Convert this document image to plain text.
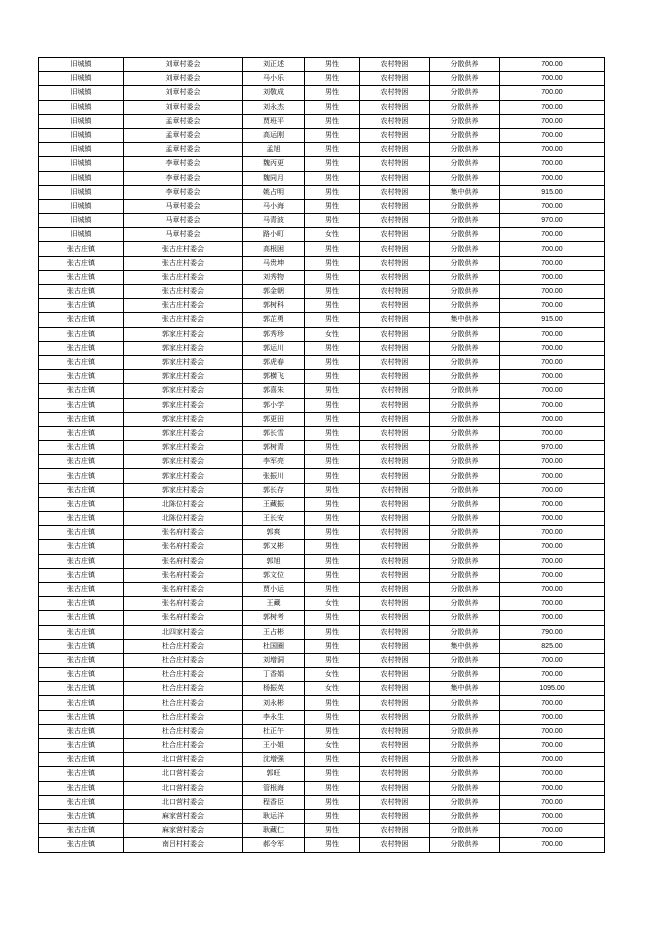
旧城镇	刘章村委会	刘正述	男性	农村特困	分散供养	700.00
旧城镇	刘章村委会	马小乐	男性	农村特困	分散供养	700.00
旧城镇	刘章村委会	刘敬成	男性	农村特困	分散供养	700.00
旧城镇	刘章村委会	刘永杰	男性	农村特困	分散供养	700.00
旧城镇	孟章村委会	贾班平	男性	农村特困	分散供养	700.00
旧城镇	孟章村委会	高运刚	男性	农村特困	分散供养	700.00
旧城镇	孟章村委会	孟旭	男性	农村特困	分散供养	700.00
旧城镇	李章村委会	魏丙更	男性	农村特困	分散供养	700.00
旧城镇	李章村委会	魏同月	男性	农村特困	分散供养	700.00
旧城镇	李章村委会	姚占明	男性	农村特困	集中供养	915.00
旧城镇	马章村委会	马小海	男性	农村特困	分散供养	700.00
旧城镇	马章村委会	马青波	男性	农村特困	分散供养	970.00
旧城镇	马章村委会	路小町	女性	农村特困	分散供养	700.00
张古庄镇	张古庄村委会	高根困	男性	农村特困	分散供养	700.00
张古庄镇	张古庄村委会	马贵坤	男性	农村特困	分散供养	700.00
张古庄镇	张古庄村委会	刘秀物	男性	农村特困	分散供养	700.00
张古庄镇	张古庄村委会	郭金朝	男性	农村特困	分散供养	700.00
张古庄镇	张古庄村委会	郭树科	男性	农村特困	分散供养	700.00
张古庄镇	张古庄村委会	郭芷勇	男性	农村特困	集中供养	915.00
张古庄镇	郭家庄村委会	郭秀珍	女性	农村特困	分散供养	700.00
张古庄镇	郭家庄村委会	郭运川	男性	农村特困	分散供养	700.00
张古庄镇	郭家庄村委会	郭虎春	男性	农村特困	分散供养	700.00
张古庄镇	郭家庄村委会	郭横飞	男性	农村特困	分散供养	700.00
张古庄镇	郭家庄村委会	郭喜朱	男性	农村特困	分散供养	700.00
张古庄镇	郭家庄村委会	郭小学	男性	农村特困	分散供养	700.00
张古庄镇	郭家庄村委会	郭更田	男性	农村特困	分散供养	700.00
张古庄镇	郭家庄村委会	郭长雪	男性	农村特困	分散供养	700.00
张古庄镇	郭家庄村委会	郭树青	男性	农村特困	分散供养	970.00
张古庄镇	郭家庄村委会	李军亮	男性	农村特困	分散供养	700.00
张古庄镇	郭家庄村委会	张振川	男性	农村特困	分散供养	700.00
张古庄镇	郭家庄村委会	郭长存	男性	农村特困	分散供养	700.00
张古庄镇	北陈位村委会	王藏振	男性	农村特困	分散供养	700.00
张古庄镇	北陈位村委会	王长安	男性	农村特困	分散供养	700.00
张古庄镇	张名府村委会	郭爽	男性	农村特困	分散供养	700.00
张古庄镇	张名府村委会	郭又彬	男性	农村特困	分散供养	700.00
张古庄镇	张名府村委会	郭旭	男性	农村特困	分散供养	700.00
张古庄镇	张名府村委会	郭文位	男性	农村特困	分散供养	700.00
张古庄镇	张名府村委会	贾小运	男性	农村特困	分散供养	700.00
张古庄镇	张名府村委会	王藏	女性	农村特困	分散供养	700.00
张古庄镇	张名府村委会	郭树考	男性	农村特困	分散供养	700.00
张古庄镇	北四家村委会	王占彬	男性	农村特困	分散供养	790.00
张古庄镇	杜合庄村委会	杜国圈	男性	农村特困	集中供养	825.00
张古庄镇	杜合庄村委会	刘增洞	男性	农村特困	分散供养	700.00
张古庄镇	杜合庄村委会	丁香娟	女性	农村特困	分散供养	700.00
张古庄镇	杜合庄村委会	杨振英	女性	农村特困	集中供养	1095.00
张古庄镇	杜合庄村委会	刘永彬	男性	农村特困	分散供养	700.00
张古庄镇	杜合庄村委会	李永生	男性	农村特困	分散供养	700.00
张古庄镇	杜合庄村委会	杜正午	男性	农村特困	分散供养	700.00
张古庄镇	杜合庄村委会	王小姐	女性	农村特困	分散供养	700.00
张古庄镇	北口营村委会	沈增强	男性	农村特困	分散供养	700.00
张古庄镇	北口营村委会	郭旺	男性	农村特困	分散供养	700.00
张古庄镇	北口营村委会	管根海	男性	农村特困	分散供养	700.00
张古庄镇	北口营村委会	程香臣	男性	农村特困	分散供养	700.00
张古庄镇	麻家营村委会	耿运洋	男性	农村特困	分散供养	700.00
张古庄镇	麻家营村委会	耿藏仁	男性	农村特困	分散供养	700.00
张古庄镇	南吕村村委会	郝令军	男性	农村特困	分散供养	700.00
